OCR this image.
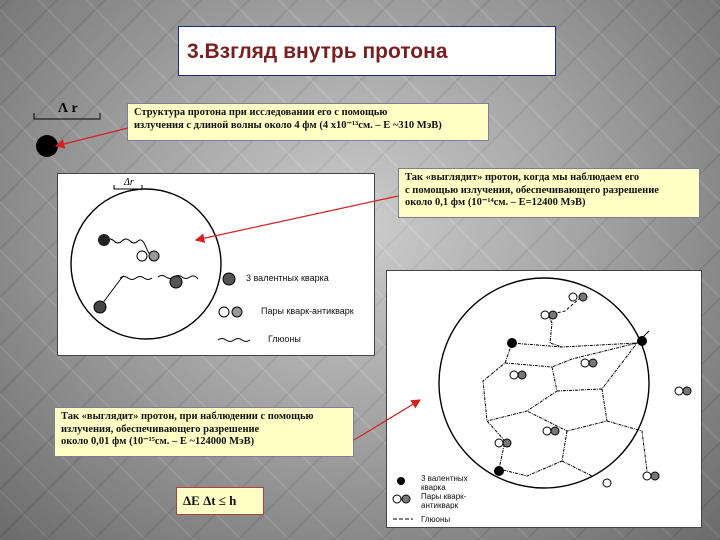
3.Взгляд внутрь протона
Λ r	Структура протона при исследовании его с помощью
излучения с длиной волны около 4 фм (4 х10⁻¹³см. – E ~310 МэВ)
Δr
3 валентных кварка
Пары кварк-антикварк
Глюоны
Так «выглядит» протон, когда мы наблюдаем его
с помощью излучения, обеспечивающего разрешение
около 0,1 фм (10⁻¹⁴см. – E=12400 МэВ)
3 валентных
кварка
Пары кварк-
антикварк
Глюоны
Так «выглядит» протон, при наблюдении с помощью
излучения, обеспечивающего разрешение
около 0,01 фм (10⁻¹⁵см. – E ~124000 МэВ)
ΔE Δt ≤ h
